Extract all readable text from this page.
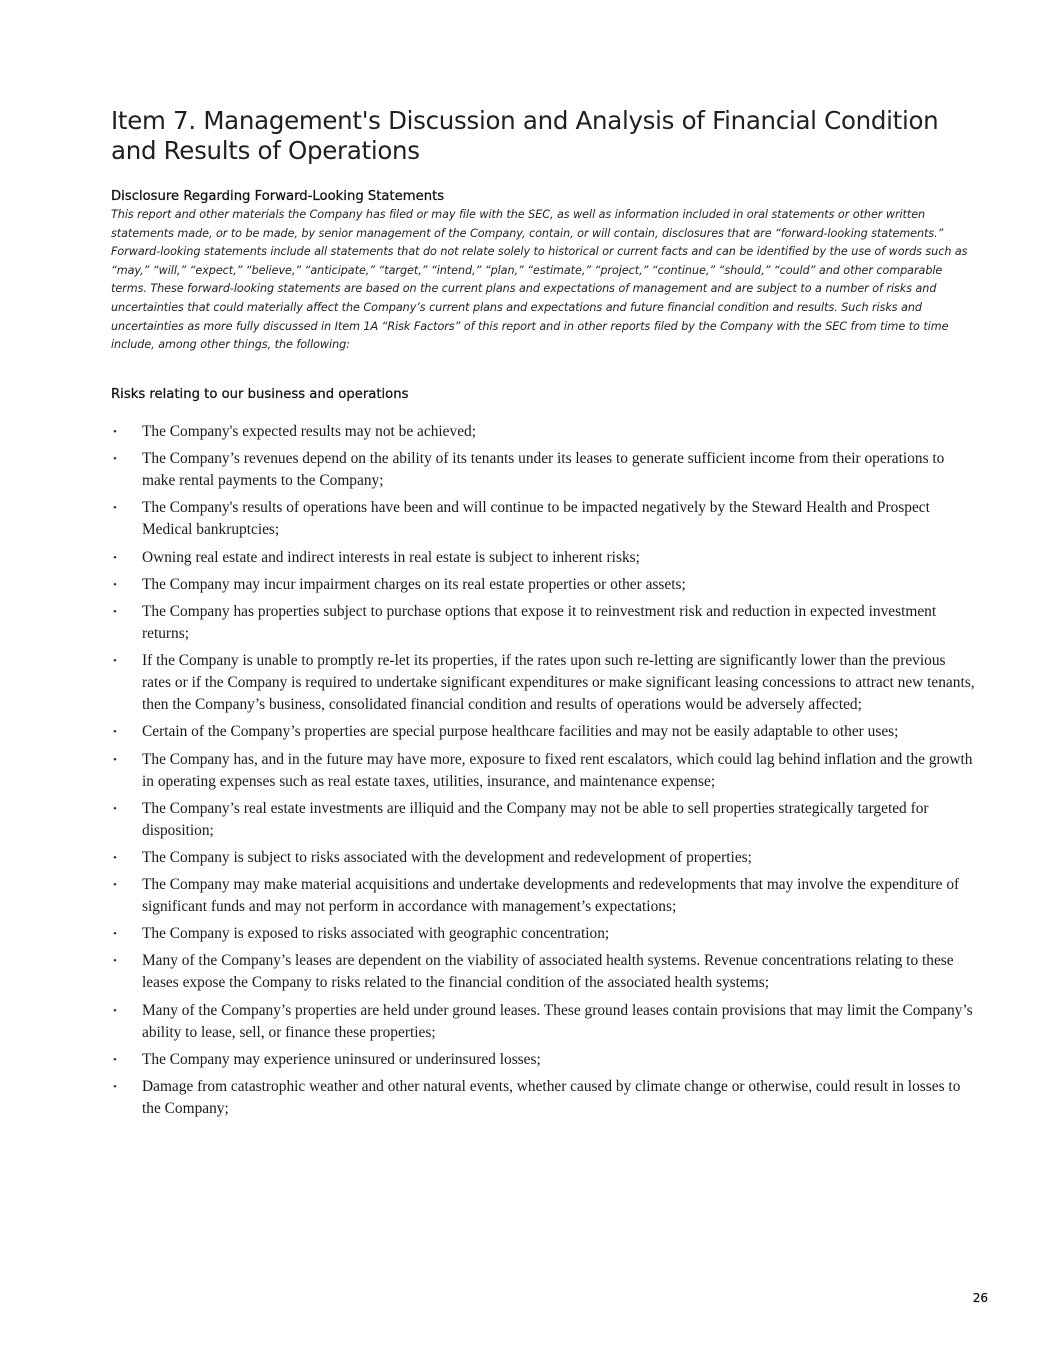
Item 7. Management's Discussion and Analysis of Financial Condition and Results of Operations
Disclosure Regarding Forward-Looking Statements

This report and other materials the Company has filed or may file with the SEC, as well as information included in oral statements or other written statements made, or to be made, by senior management of the Company, contain, or will contain, disclosures that are “forward-looking statements.” Forward-looking statements include all statements that do not relate solely to historical or current facts and can be identified by the use of words such as “may,” “will,” “expect,” “believe,” “anticipate,” “target,” “intend,” “plan,” “estimate,” “project,” “continue,” “should,” “could” and other comparable terms. These forward-looking statements are based on the current plans and expectations of management and are subject to a number of risks and uncertainties that could materially affect the Company’s current plans and expectations and future financial condition and results. Such risks and uncertainties as more fully discussed in Item 1A “Risk Factors” of this report and in other reports filed by the Company with the SEC from time to time include, among other things, the following:

Risks relating to our business and operations
• The Company's expected results may not be achieved;
• The Company’s revenues depend on the ability of its tenants under its leases to generate sufficient income from their operations to make rental payments to the Company;
• The Company's results of operations have been and will continue to be impacted negatively by the Steward Health and Prospect Medical bankruptcies;
• Owning real estate and indirect interests in real estate is subject to inherent risks;
• The Company may incur impairment charges on its real estate properties or other assets;
• The Company has properties subject to purchase options that expose it to reinvestment risk and reduction in expected investment returns;
• If the Company is unable to promptly re-let its properties, if the rates upon such re-letting are significantly lower than the previous rates or if the Company is required to undertake significant expenditures or make significant leasing concessions to attract new tenants, then the Company’s business, consolidated financial condition and results of operations would be adversely affected;
• Certain of the Company’s properties are special purpose healthcare facilities and may not be easily adaptable to other uses;
• The Company has, and in the future may have more, exposure to fixed rent escalators, which could lag behind inflation and the growth in operating expenses such as real estate taxes, utilities, insurance, and maintenance expense;
• The Company’s real estate investments are illiquid and the Company may not be able to sell properties strategically targeted for disposition;
• The Company is subject to risks associated with the development and redevelopment of properties;
• The Company may make material acquisitions and undertake developments and redevelopments that may involve the expenditure of significant funds and may not perform in accordance with management’s expectations;
• The Company is exposed to risks associated with geographic concentration;
• Many of the Company’s leases are dependent on the viability of associated health systems. Revenue concentrations relating to these leases expose the Company to risks related to the financial condition of the associated health systems;
• Many of the Company’s properties are held under ground leases. These ground leases contain provisions that may limit the Company’s ability to lease, sell, or finance these properties;
• The Company may experience uninsured or underinsured losses;
• Damage from catastrophic weather and other natural events, whether caused by climate change or otherwise, could result in losses to the Company;
26
